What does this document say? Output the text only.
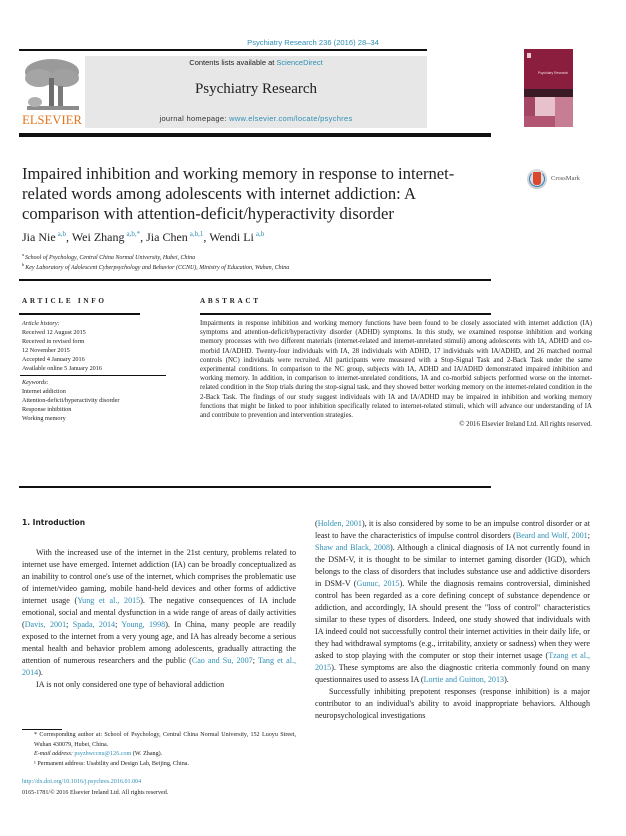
Psychiatry Research 236 (2016) 28–34
ELSEVIER
Contents lists available at ScienceDirect
Psychiatry Research
journal homepage: www.elsevier.com/locate/psychres
Psychiatry Research
Impaired inhibition and working memory in response to internet-related words among adolescents with internet addiction: A comparison with attention-deficit/hyperactivity disorder
CrossMark
Jia Nie $^{a,b}$, Wei Zhang $^{a,b,*}$, Jia Chen $^{a,b,1}$, Wendi Li $^{a,b}$
$^a$School of Psychology, Central China Normal University, Hubei, China
$^b$Key Laboratory of Adolescent Cyberpsychology and Behavior (CCNU), Ministry of Education, Wuhan, China
ARTICLE INFO
Article history:
Received 12 August 2015
Received in revised form
12 November 2015
Accepted 4 January 2016
Available online 5 January 2016
Keywords:
Internet addiction
Attention-deficit/hyperactivity disorder
Response inhibition
Working memory
ABSTRACT
Impairments in response inhibition and working memory functions have been found to be closely associated with internet addiction (IA) symptoms and attention-deficit/hyperactivity disorder (ADHD) symptoms. In this study, we examined response inhibition and working memory processes with two different materials (internet-related and internet-unrelated stimuli) among adolescents with IA, ADHD and co-morbid IA/ADHD. Twenty-four individuals with IA, 28 individuals with ADHD, 17 individuals with IA/ADHD, and 26 matched normal controls (NC) individuals were recruited. All participants were measured with a Stop-Signal Task and 2-Back Task under the same experimental conditions. In comparison to the NC group, subjects with IA, ADHD and IA/ADHD demonstrated impaired inhibition and working memory. In addition, in comparison to internet-unrelated conditions, IA and co-morbid subjects performed worse on the internet-related condition in the Stop trials during the stop-signal task, and they showed better working memory on the internet-related condition in the 2-Back Task. The findings of our study suggest individuals with IA and IA/ADHD may be impaired in inhibition and working memory functions that might be linked to poor inhibition specifically related to internet-related stimuli, which will advance our understanding of IA and contribute to prevention and intervention strategies.
© 2016 Elsevier Ireland Ltd. All rights reserved.
1. Introduction

With the increased use of the internet in the 21st century, problems related to internet use have emerged. Internet addiction (IA) can be broadly conceptualized as an inability to control one's use of the internet, which comprises the problematic use of internet/video gaming, mobile hand-held devices and other forms of addictive internet usage (Yung et al., 2015). The negative consequences of IA include emotional, social and mental dysfunction in a wide range of areas of daily activities (Davis, 2001; Spada, 2014; Young, 1998). In China, many people are readily exposed to the internet from a very young age, and IA has already become a serious mental health and behavior problem among adolescents, gradually attracting the attention of numerous researchers and the public (Cao and Su, 2007; Tang et al., 2014).

IA is not only considered one type of behavioral addiction

(Holden, 2001), it is also considered by some to be an impulse control disorder or at least to have the characteristics of impulse control disorders (Beard and Wolf, 2001; Shaw and Black, 2008). Although a clinical diagnosis of IA not currently found in the DSM-V, it is thought to be similar to internet gaming disorder (IGD), which belongs to the class of disorders that includes substance use and addictive disorders in DSM-V (Gunuc, 2015). While the diagnosis remains controversial, diminished control has been regarded as a core defining concept of substance dependence or addiction, and accordingly, IA should present the "loss of control" characteristics similar to these types of disorders. Indeed, one study showed that individuals with IA indeed could not successfully control their internet activities in their daily life, or they had withdrawal symptoms (e.g., irritability, anxiety or sadness) when they were asked to stop playing with the computer or stop their internet usage (Tzang et al., 2015). These symptoms are also the diagnostic criteria commonly found on many questionnaires used to assess IA (Lortie and Guitton, 2013).

Successfully inhibiting prepotent responses (response inhibition) is a major contributor to an individual's ability to avoid inappropriate behaviors. Although neuropsychological investigations

* Corresponding author at: School of Psychology, Central China Normal University, 152 Luoyu Street, Wuhan 430079, Hubei, China.
E-mail address: psyzhwccnu@126.com (W. Zhang).
¹ Permanent address: Usability and Design Lab, Beijing, China.
http://dx.doi.org/10.1016/j.psychres.2016.01.004
0165-1781/© 2016 Elsevier Ireland Ltd. All rights reserved.
